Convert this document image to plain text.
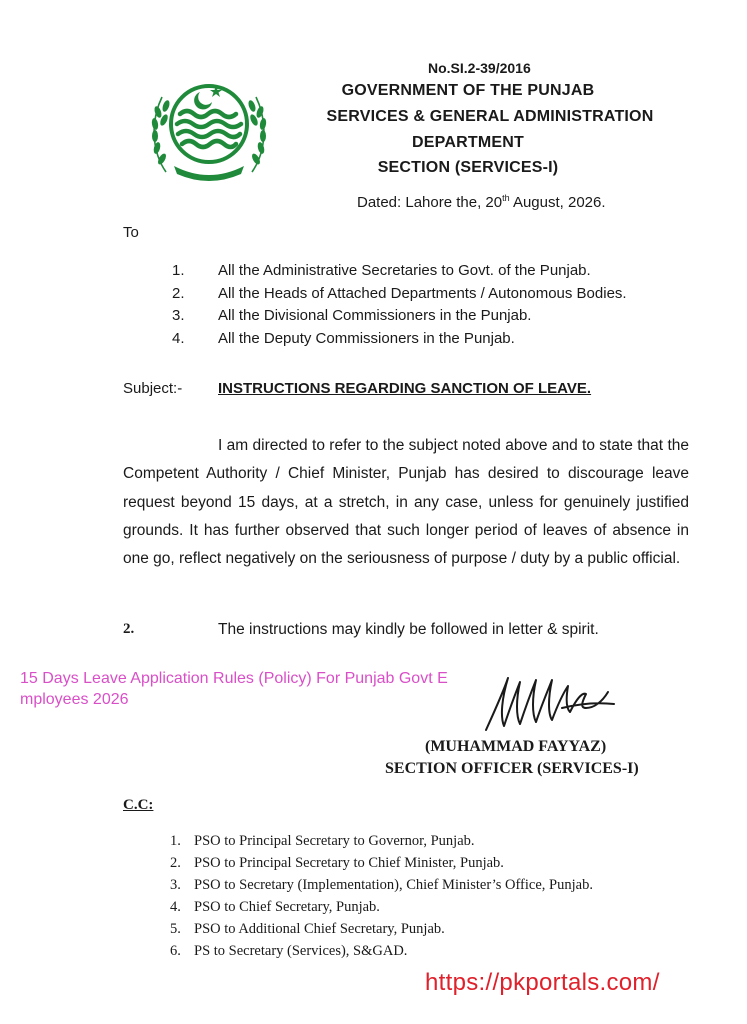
No.SI.2-39/2016
GOVERNMENT OF THE PUNJAB
SERVICES & GENERAL ADMINISTRATION
DEPARTMENT
SECTION (SERVICES-I)
Dated: Lahore the, 20th August, 2026.
To
1.	All the Administrative Secretaries to Govt. of the Punjab.
2.	All the Heads of Attached Departments / Autonomous Bodies.
3.	All the Divisional Commissioners in the Punjab.
4.	All the Deputy Commissioners in the Punjab.
Subject:- INSTRUCTIONS REGARDING SANCTION OF LEAVE.

I am directed to refer to the subject noted above and to state that the Competent Authority / Chief Minister, Punjab has desired to discourage leave request beyond 15 days, at a stretch, in any case, unless for genuinely justified grounds. It has further observed that such longer period of leaves of absence in one go, reflect negatively on the seriousness of purpose / duty by a public official.

2.	The instructions may kindly be followed in letter & spirit.
15 Days Leave Application Rules (Policy) For Punjab Govt Employees 2026
(MUHAMMAD FAYYAZ)
SECTION OFFICER (SERVICES-I)
C.C:
1. PSO to Principal Secretary to Governor, Punjab.
2. PSO to Principal Secretary to Chief Minister, Punjab.
3. PSO to Secretary (Implementation), Chief Minister’s Office, Punjab.
4. PSO to Chief Secretary, Punjab.
5. PSO to Additional Chief Secretary, Punjab.
6. PS to Secretary (Services), S&GAD.
https://pkportals.com/
